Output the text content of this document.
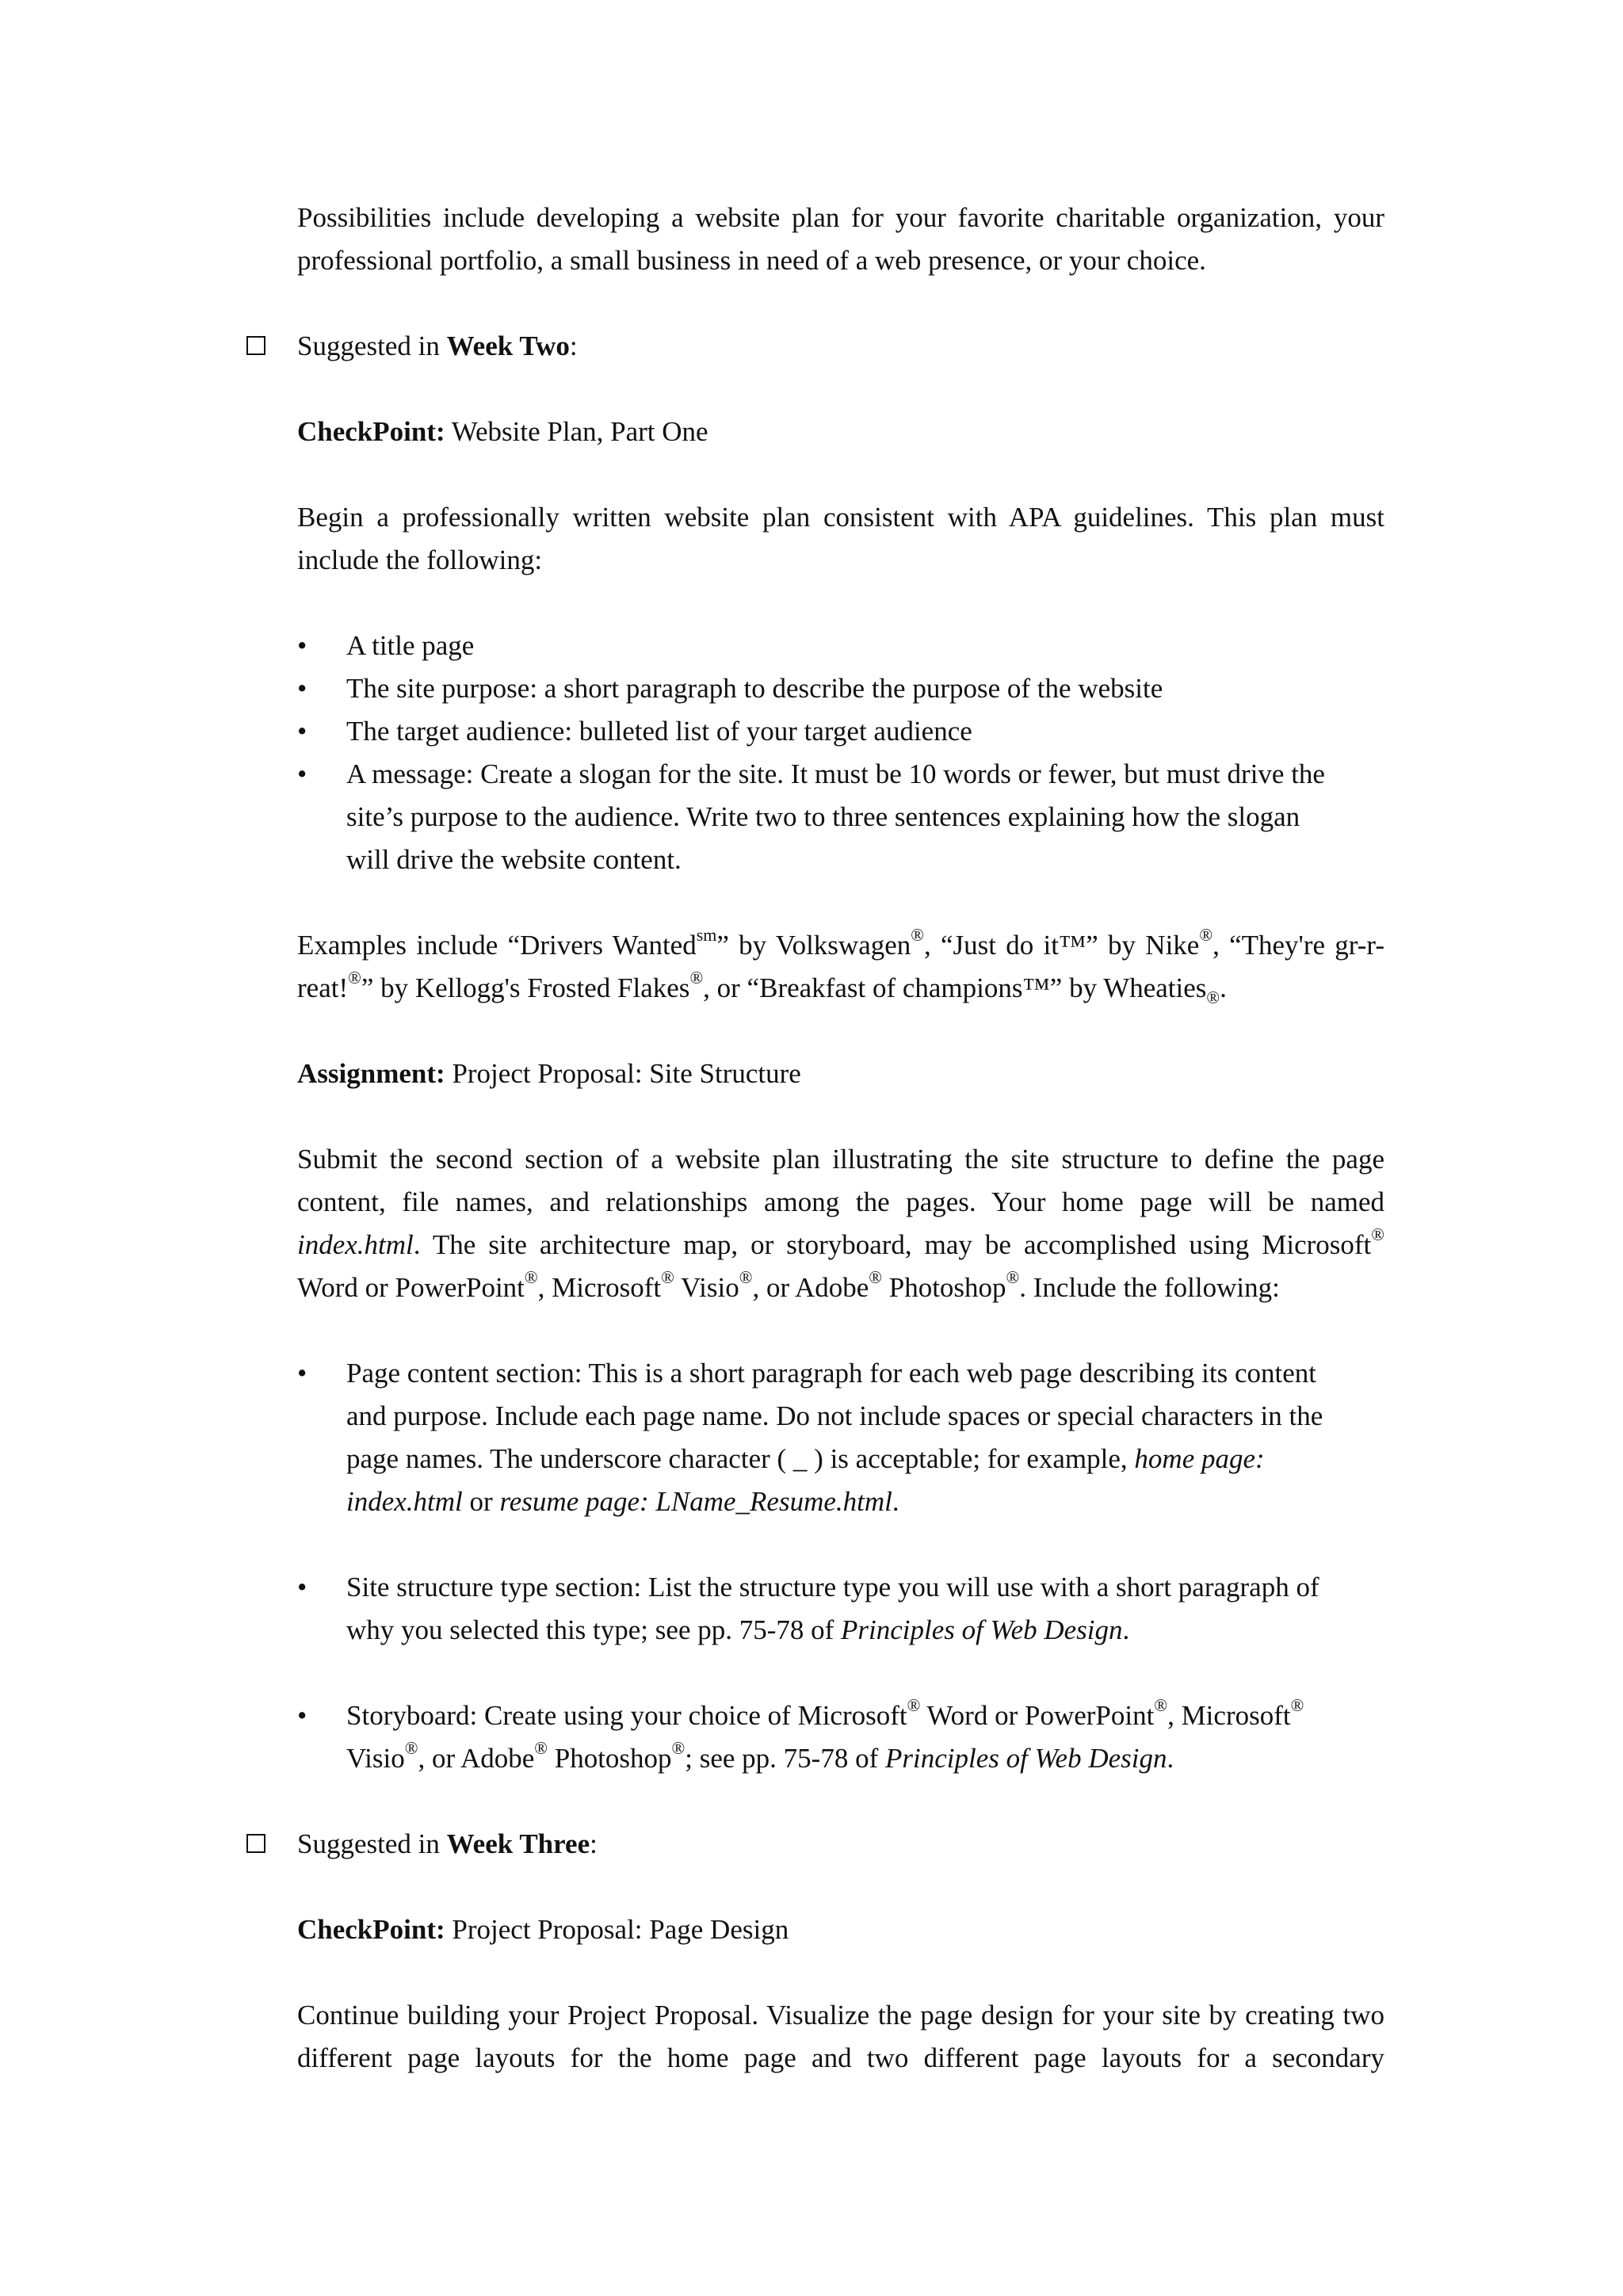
Possibilities include developing a website plan for your favorite charitable organization, your professional portfolio, a small business in need of a web presence, or your choice.

Suggested in Week Two:

CheckPoint: Website Plan, Part One

Begin a professionally written website plan consistent with APA guidelines. This plan must include the following:

• A title page
• The site purpose: a short paragraph to describe the purpose of the website
• The target audience: bulleted list of your target audience
• A message: Create a slogan for the site. It must be 10 words or fewer, but must drive the site’s purpose to the audience. Write two to three sentences explaining how the slogan will drive the website content.

Examples include “Drivers Wanted$^{sm}$” by Volkswagen®, “Just do it™” by Nike®, “They're gr-r-reat!®” by Kellogg's Frosted Flakes®, or “Breakfast of champions™” by Wheaties$_®$.

Assignment: Project Proposal: Site Structure

Submit the second section of a website plan illustrating the site structure to define the page content, file names, and relationships among the pages. Your home page will be named index.html. The site architecture map, or storyboard, may be accomplished using Microsoft® Word or PowerPoint®, Microsoft® Visio®, or Adobe® Photoshop®. Include the following:

• Page content section: This is a short paragraph for each web page describing its content and purpose. Include each page name. Do not include spaces or special characters in the page names. The underscore character ( _ ) is acceptable; for example, home page: index.html or resume page: LName_Resume.html.
• Site structure type section: List the structure type you will use with a short paragraph of why you selected this type; see pp. 75-78 of Principles of Web Design.
• Storyboard: Create using your choice of Microsoft® Word or PowerPoint®, Microsoft® Visio®, or Adobe® Photoshop®; see pp. 75-78 of Principles of Web Design.

Suggested in Week Three:

CheckPoint: Project Proposal: Page Design

Continue building your Project Proposal. Visualize the page design for your site by creating two different page layouts for the home page and two different page layouts for a secondary
